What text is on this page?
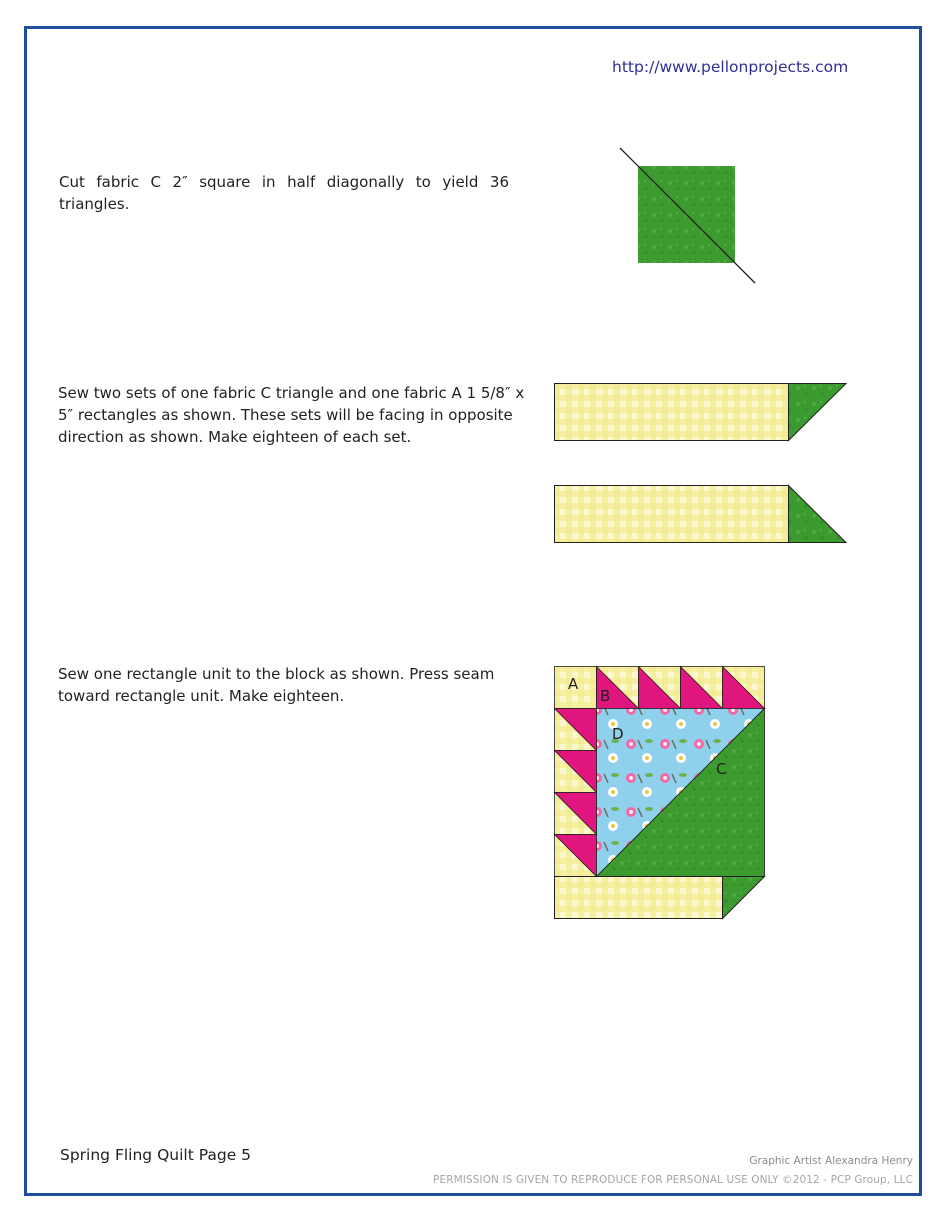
http://www.pellonprojects.com

Cut fabric C 2″ square in half diagonally to yield 36 triangles.

Sew two sets of one fabric C triangle and one fabric A 1 5/8″ x 5″ rectangles as shown. These sets will be facing in opposite direction as shown. Make eighteen of each set.

Sew one rectangle unit to the block as shown. Press seam toward rectangle unit. Make eighteen.

A
B
D
C
Spring Fling Quilt Page 5	Graphic Artist Alexandra Henry
PERMISSION IS GIVEN TO REPRODUCE FOR PERSONAL USE ONLY ©2012 - PCP Group, LLC
